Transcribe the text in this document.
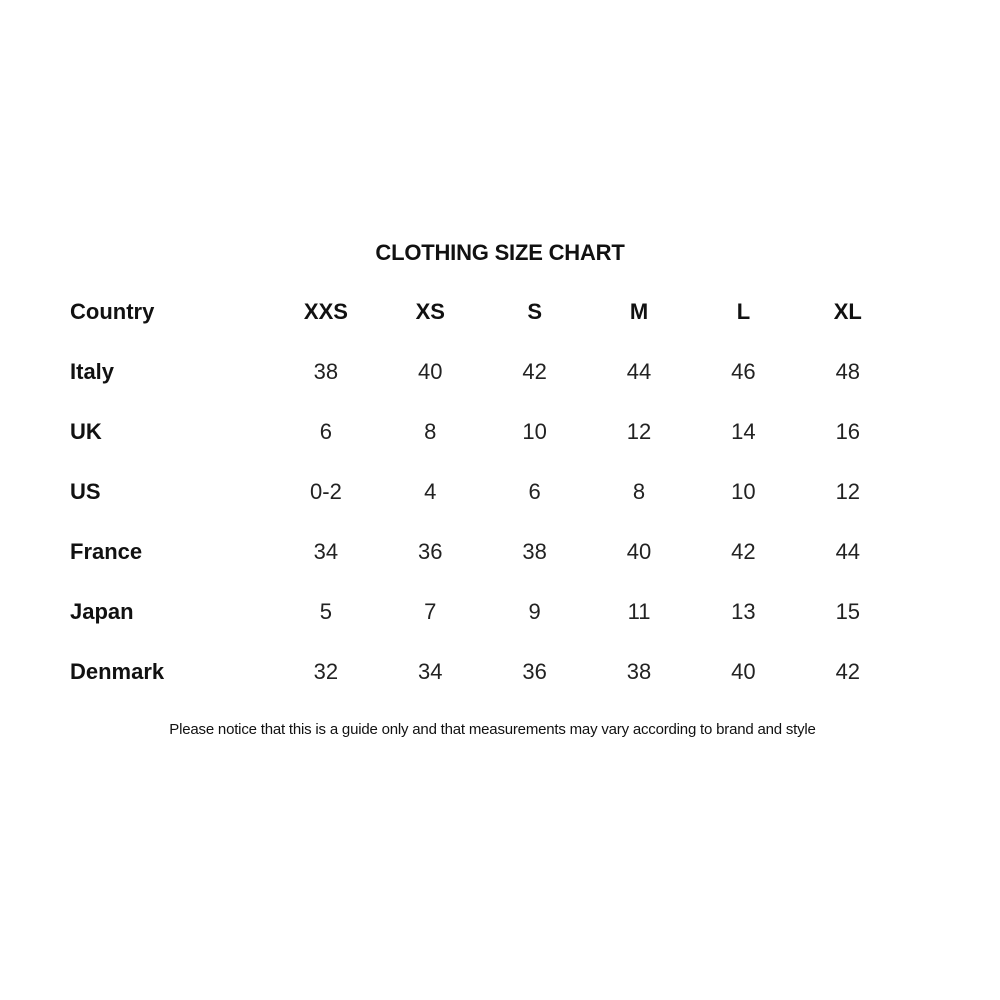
CLOTHING SIZE CHART
Country	XXS	XS	S	M	L	XL
Italy	38	40	42	44	46	48
UK	6	8	10	12	14	16
US	0-2	4	6	8	10	12
France	34	36	38	40	42	44
Japan	5	7	9	11	13	15
Denmark	32	34	36	38	40	42
Please notice that this is a guide only and that measurements may vary according to brand and style
